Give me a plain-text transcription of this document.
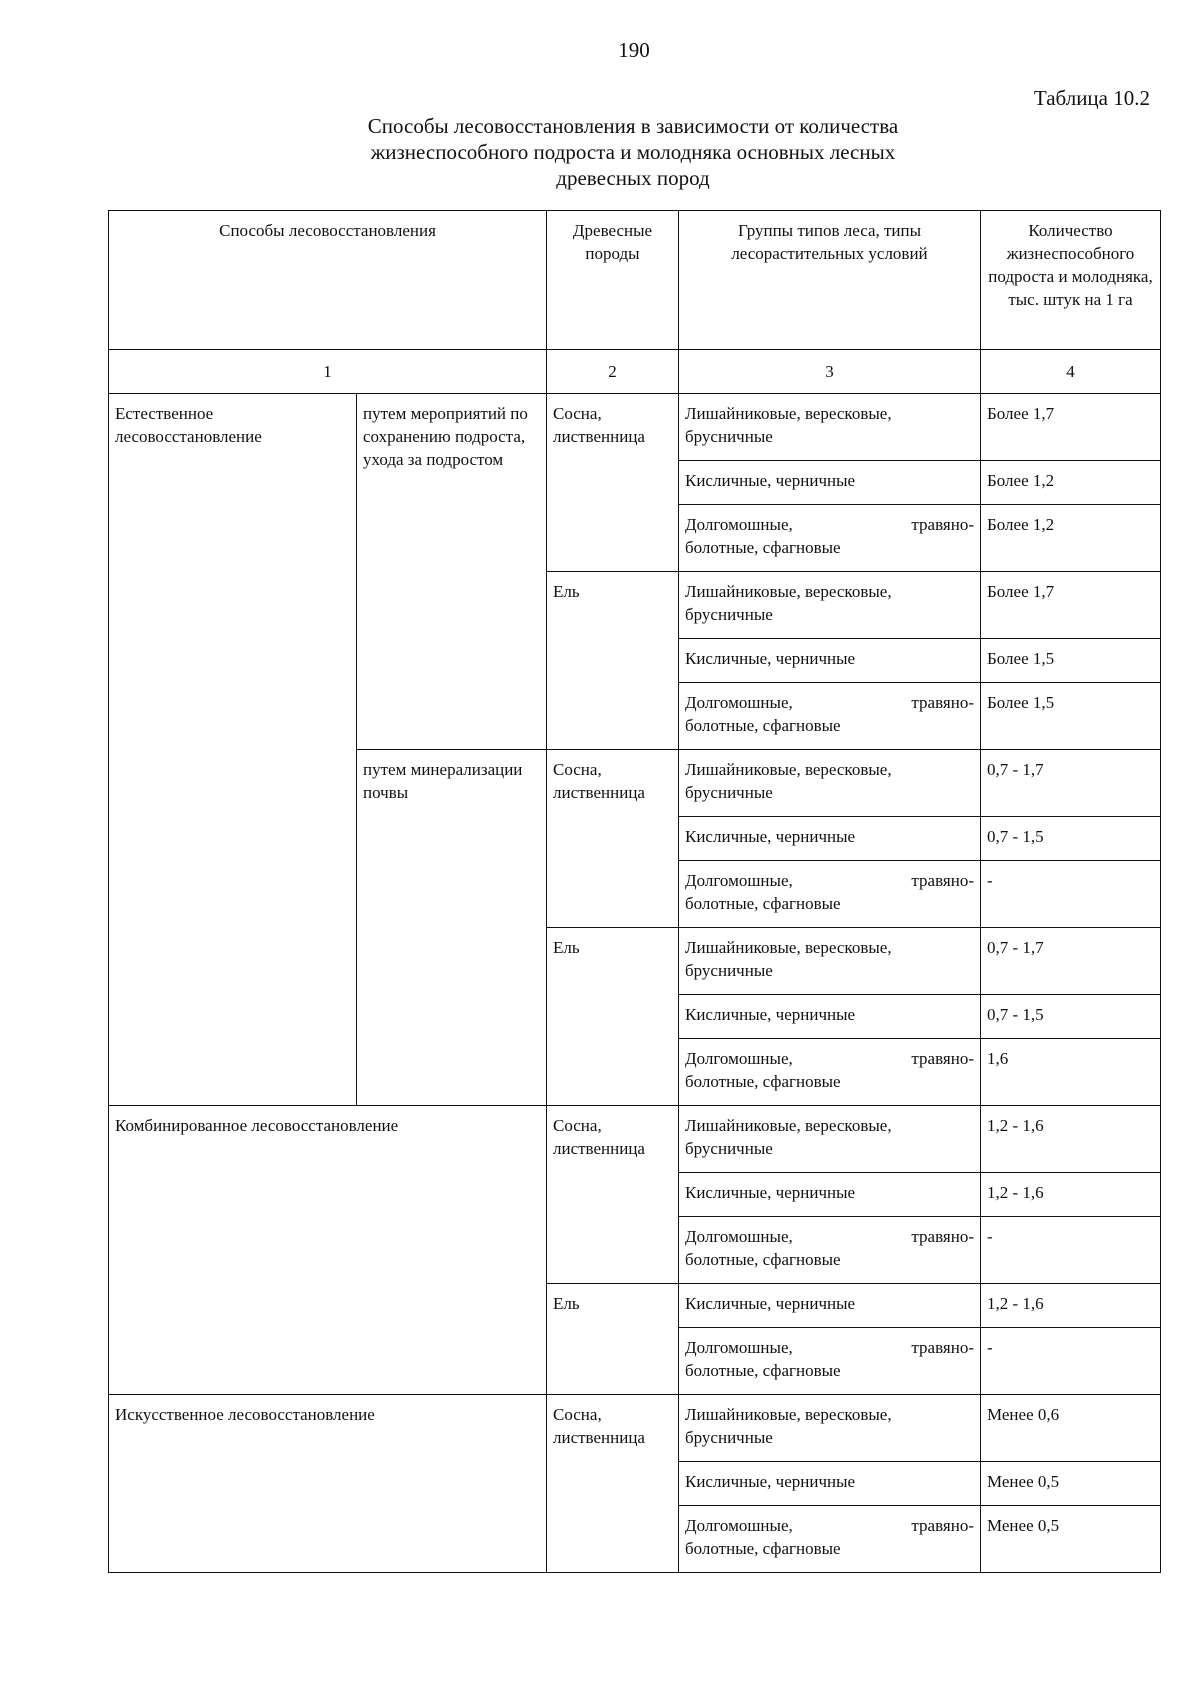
190
Таблица 10.2
Способы лесовосстановления в зависимости от количества
жизнеспособного подроста и молодняка основных лесных
древесных пород
Способы лесовосстановления		Древесные породы	Группы типов леса, типы лесорастительных условий	Количество жизнеспособного подроста и молодняка, тыс. штук на 1 га
1		2	3	4
Естественное лесовосстановление	путем мероприятий по сохранению подроста, ухода за подростом	Сосна, лиственница	Лишайниковые, вересковые, брусничные	Более 1,7
			Кисличные, черничные	Более 1,2

			Долгомошные, травяно-
болотные, сфагновые	Более 1,2
		Ель	Лишайниковые, вересковые, брусничные	Более 1,7
			Кисличные, черничные	Более 1,5

			Долгомошные, травяно-
болотные, сфагновые	Более 1,5
	путем минерализации почвы	Сосна, лиственница	Лишайниковые, вересковые, брусничные	0,7 - 1,7
			Кисличные, черничные	0,7 - 1,5

			Долгомошные, травяно-
болотные, сфагновые	-
		Ель	Лишайниковые, вересковые, брусничные	0,7 - 1,7
			Кисличные, черничные	0,7 - 1,5

			Долгомошные, травяно-
болотные, сфагновые	1,6
Комбинированное лесовосстановление		Сосна, лиственница	Лишайниковые, вересковые, брусничные	1,2 - 1,6
			Кисличные, черничные	1,2 - 1,6

			Долгомошные, травяно-
болотные, сфагновые	-
		Ель	Кисличные, черничные	1,2 - 1,6

			Долгомошные, травяно-
болотные, сфагновые	-
Искусственное лесовосстановление		Сосна, лиственница	Лишайниковые, вересковые, брусничные	Менее 0,6
			Кисличные, черничные	Менее 0,5

			Долгомошные, травяно-
болотные, сфагновые	Менее 0,5
